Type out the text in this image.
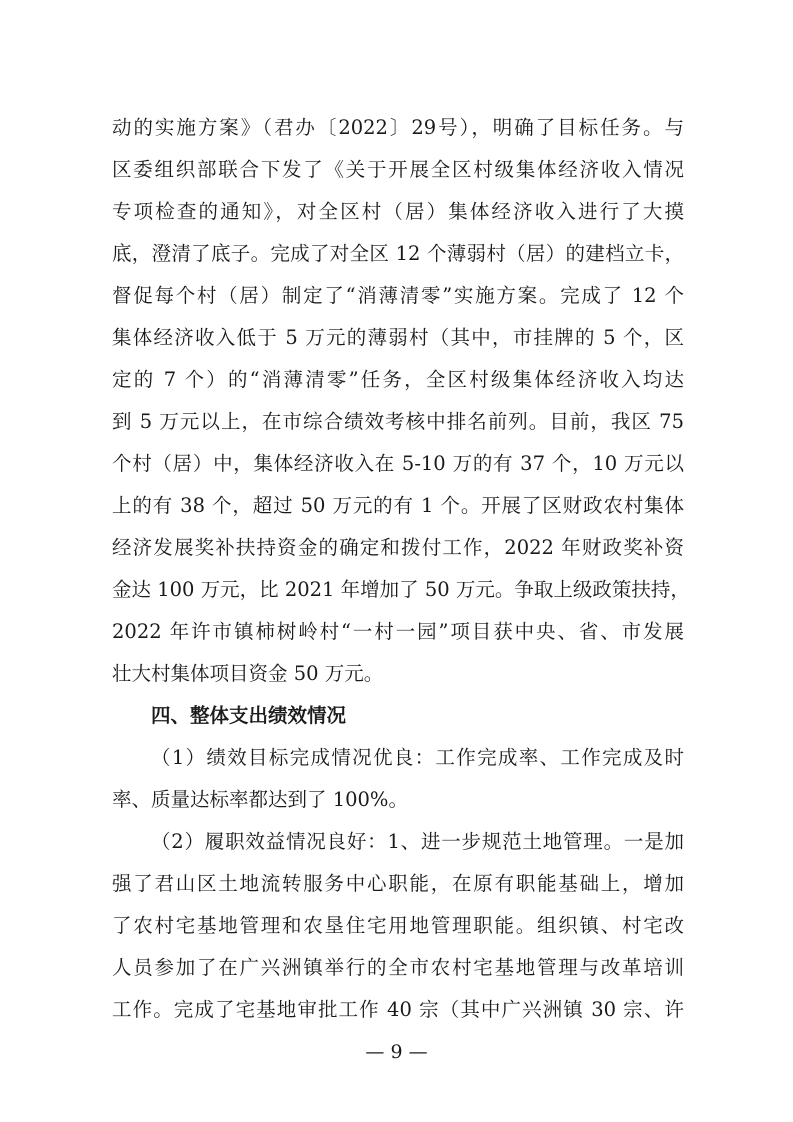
动的实施方案》（君办〔2022〕29号），明确了目标任务。与
区委组织部联合下发了《关于开展全区村级集体经济收入情况
专项检查的通知》，对全区村（居）集体经济收入进行了大摸
底，澄清了底子。完成了对全区 12 个薄弱村（居）的建档立卡，
督促每个村（居）制定了“消薄清零”实施方案。完成了 12 个
集体经济收入低于 5 万元的薄弱村（其中，市挂牌的 5 个，区
定的 7 个）的“消薄清零”任务，全区村级集体经济收入均达
到 5 万元以上，在市综合绩效考核中排名前列。目前，我区 75
个村（居）中，集体经济收入在 5-10 万的有 37 个，10 万元以
上的有 38 个，超过 50 万元的有 1 个。开展了区财政农村集体
经济发展奖补扶持资金的确定和拨付工作，2022 年财政奖补资
金达 100 万元，比 2021 年增加了 50 万元。争取上级政策扶持，
2022 年许市镇柿树岭村“一村一园”项目获中央、省、市发展
壮大村集体项目资金 50 万元。
四、整体支出绩效情况
（1）绩效目标完成情况优良：工作完成率、工作完成及时
率、质量达标率都达到了 100%。
（2）履职效益情况良好：1、进一步规范土地管理。一是加
强了君山区土地流转服务中心职能，在原有职能基础上，增加
了农村宅基地管理和农垦住宅用地管理职能。组织镇、村宅改
人员参加了在广兴洲镇举行的全市农村宅基地管理与改革培训
工作。完成了宅基地审批工作 40 宗（其中广兴洲镇 30 宗、许
— 9 —
